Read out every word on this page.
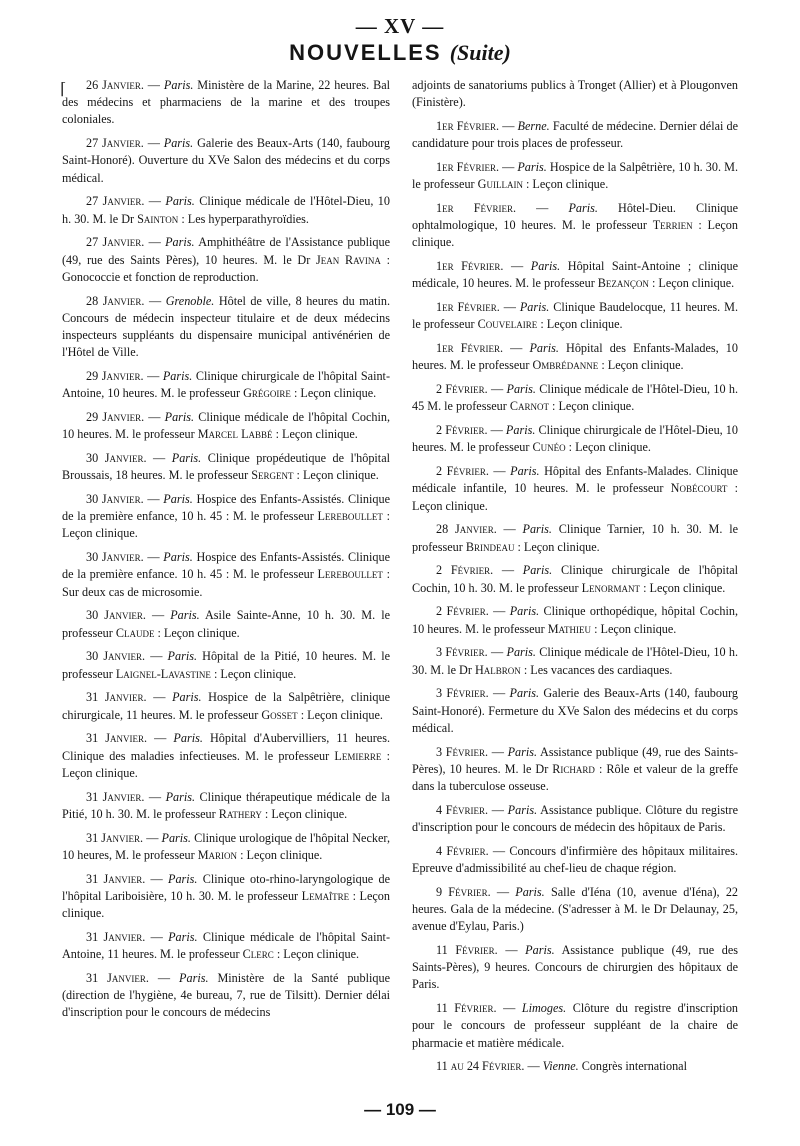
— XV —
NOUVELLES (Suite)
⌈	26 Janvier. — Paris. Ministère de la Marine, 22 heures. Bal des médecins et pharmaciens de la marine et des troupes coloniales.

27 Janvier. — Paris. Galerie des Beaux-Arts (140, faubourg Saint-Honoré). Ouverture du XVe Salon des médecins et du corps médical.

27 Janvier. — Paris. Clinique médicale de l'Hôtel-Dieu, 10 h. 30. M. le Dr Sainton : Les hyperparathyroïdies.

27 Janvier. — Paris. Amphithéâtre de l'Assistance publique (49, rue des Saints Pères), 10 heures. M. le Dr Jean Ravina : Gonococcie et fonction de reproduction.

28 Janvier. — Grenoble. Hôtel de ville, 8 heures du matin. Concours de médecin inspecteur titulaire et de deux médecins inspecteurs suppléants du dispensaire municipal antivénérien de l'Hôtel de Ville.

29 Janvier. — Paris. Clinique chirurgicale de l'hôpital Saint-Antoine, 10 heures. M. le professeur Grégoire : Leçon clinique.

29 Janvier. — Paris. Clinique médicale de l'hôpital Cochin, 10 heures. M. le professeur Marcel Labbé : Leçon clinique.

30 Janvier. — Paris. Clinique propédeutique de l'hôpital Broussais, 18 heures. M. le professeur Sergent : Leçon clinique.

30 Janvier. — Paris. Hospice des Enfants-Assistés. Clinique de la première enfance, 10 h. 45 : M. le professeur Lereboullet : Leçon clinique.

30 Janvier. — Paris. Hospice des Enfants-Assistés. Clinique de la première enfance. 10 h. 45 : M. le professeur Lereboullet : Sur deux cas de microsomie.

30 Janvier. — Paris. Asile Sainte-Anne, 10 h. 30. M. le professeur Claude : Leçon clinique.

30 Janvier. — Paris. Hôpital de la Pitié, 10 heures. M. le professeur Laignel-Lavastine : Leçon clinique.

31 Janvier. — Paris. Hospice de la Salpêtrière, clinique chirurgicale, 11 heures. M. le professeur Gosset : Leçon clinique.

31 Janvier. — Paris. Hôpital d'Aubervilliers, 11 heures. Clinique des maladies infectieuses. M. le professeur Lemierre : Leçon clinique.

31 Janvier. — Paris. Clinique thérapeutique médicale de la Pitié, 10 h. 30. M. le professeur Rathery : Leçon clinique.

31 Janvier. — Paris. Clinique urologique de l'hôpital Necker, 10 heures, M. le professeur Marion : Leçon clinique.

31 Janvier. — Paris. Clinique oto-rhino-laryngologique de l'hôpital Lariboisière, 10 h. 30. M. le professeur Lemaître : Leçon clinique.

31 Janvier. — Paris. Clinique médicale de l'hôpital Saint-Antoine, 11 heures. M. le professeur Clerc : Leçon clinique.

31 Janvier. — Paris. Ministère de la Santé publique (direction de l'hygiène, 4e bureau, 7, rue de Tilsitt). Dernier délai d'inscription pour le concours de médecins

adjoints de sanatoriums publics à Tronget (Allier) et à Plougonven (Finistère).

1er Février. — Berne. Faculté de médecine. Dernier délai de candidature pour trois places de professeur.

1er Février. — Paris. Hospice de la Salpêtrière, 10 h. 30. M. le professeur Guillain : Leçon clinique.

1er Février. — Paris. Hôtel-Dieu. Clinique ophtalmologique, 10 heures. M. le professeur Terrien : Leçon clinique.

1er Février. — Paris. Hôpital Saint-Antoine ; clinique médicale, 10 heures. M. le professeur Bezançon : Leçon clinique.

1er Février. — Paris. Clinique Baudelocque, 11 heures. M. le professeur Couvelaire : Leçon clinique.

1er Février. — Paris. Hôpital des Enfants-Malades, 10 heures. M. le professeur Ombrédanne : Leçon clinique.

2 Février. — Paris. Clinique médicale de l'Hôtel-Dieu, 10 h. 45 M. le professeur Carnot : Leçon clinique.

2 Février. — Paris. Clinique chirurgicale de l'Hôtel-Dieu, 10 heures. M. le professeur Cunéo : Leçon clinique.

2 Février. — Paris. Hôpital des Enfants-Malades. Clinique médicale infantile, 10 heures. M. le professeur Nobécourt : Leçon clinique.

28 Janvier. — Paris. Clinique Tarnier, 10 h. 30. M. le professeur Brindeau : Leçon clinique.

2 Février. — Paris. Clinique chirurgicale de l'hôpital Cochin, 10 h. 30. M. le professeur Lenormant : Leçon clinique.

2 Février. — Paris. Clinique orthopédique, hôpital Cochin, 10 heures. M. le professeur Mathieu : Leçon clinique.

3 Février. — Paris. Clinique médicale de l'Hôtel-Dieu, 10 h. 30. M. le Dr Halbron : Les vacances des cardiaques.

3 Février. — Paris. Galerie des Beaux-Arts (140, faubourg Saint-Honoré). Fermeture du XVe Salon des médecins et du corps médical.

3 Février. — Paris. Assistance publique (49, rue des Saints-Pères), 10 heures. M. le Dr Richard : Rôle et valeur de la greffe dans la tuberculose osseuse.

4 Février. — Paris. Assistance publique. Clôture du registre d'inscription pour le concours de médecin des hôpitaux de Paris.

4 Février. — Concours d'infirmière des hôpitaux militaires. Epreuve d'admissibilité au chef-lieu de chaque région.

9 Février. — Paris. Salle d'Iéna (10, avenue d'Iéna), 22 heures. Gala de la médecine. (S'adresser à M. le Dr Delaunay, 25, avenue d'Eylau, Paris.)

11 Février. — Paris. Assistance publique (49, rue des Saints-Pères), 9 heures. Concours de chirurgien des hôpitaux de Paris.

11 Février. — Limoges. Clôture du registre d'inscription pour le concours de professeur suppléant de la chaire de pharmacie et matière médicale.

11 au 24 Février. — Vienne. Congrès international

— 109 —
